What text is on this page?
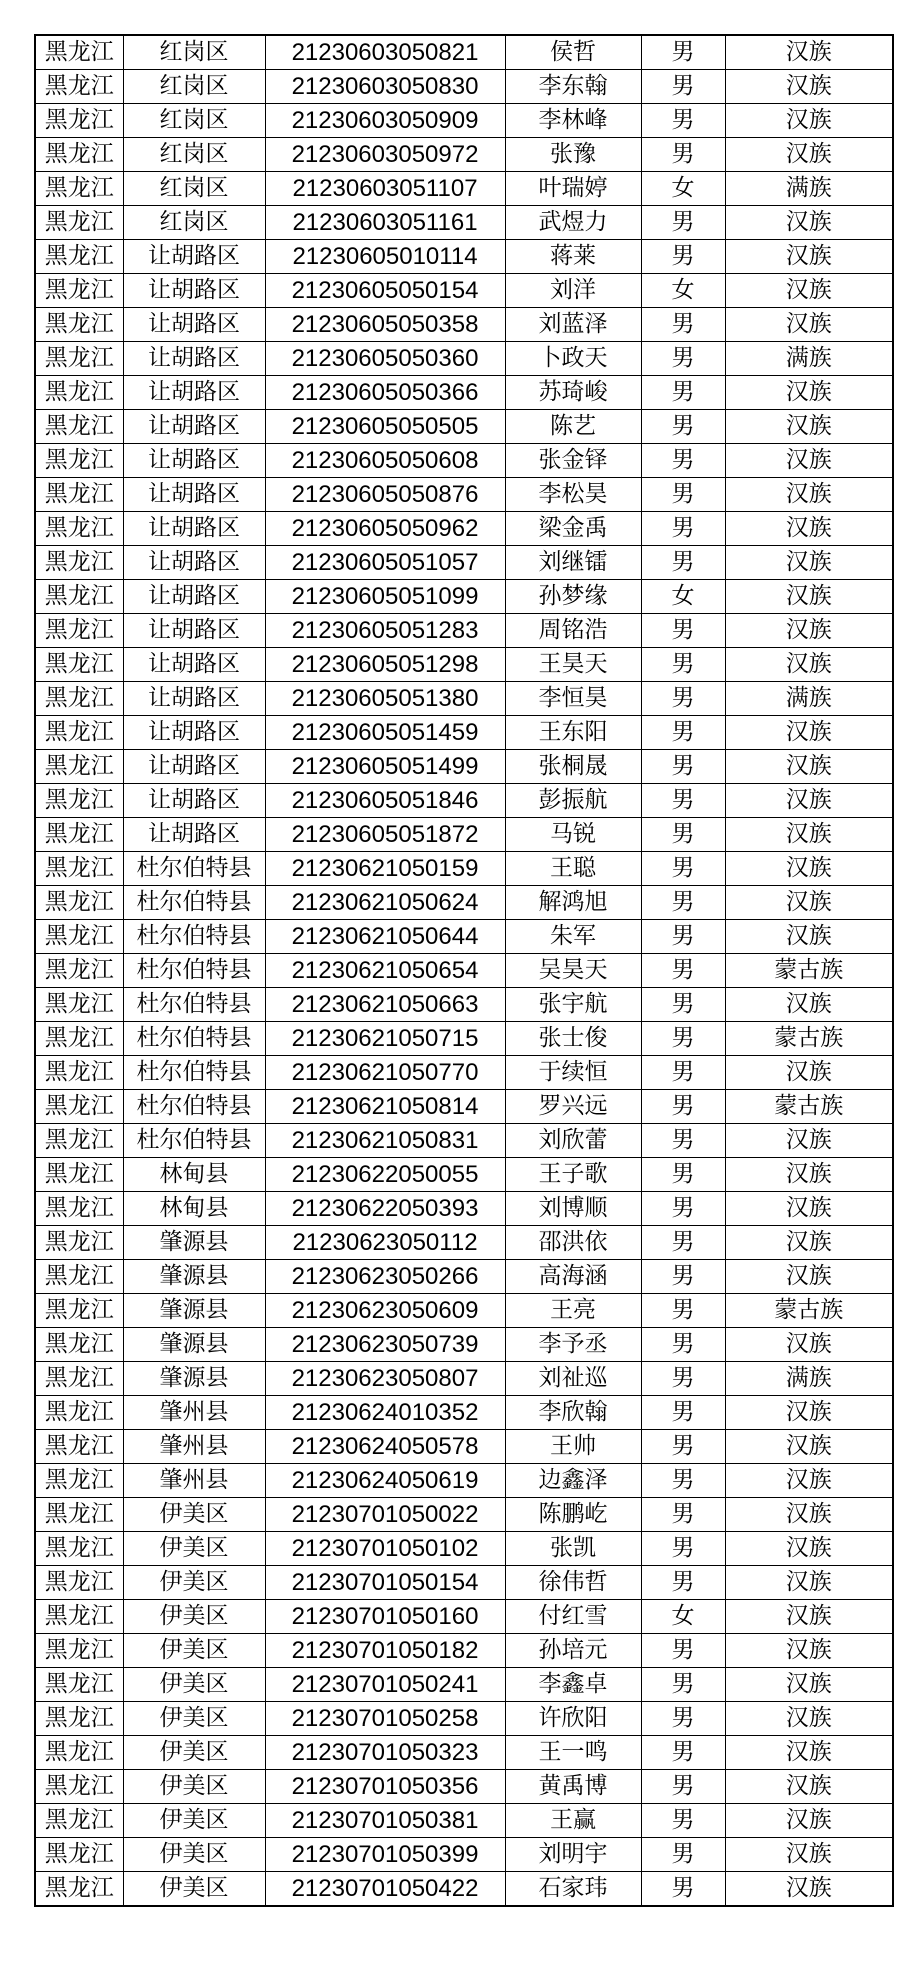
黑龙江	红岗区	21230603050821	侯哲	男	汉族
黑龙江	红岗区	21230603050830	李东翰	男	汉族
黑龙江	红岗区	21230603050909	李林峰	男	汉族
黑龙江	红岗区	21230603050972	张豫	男	汉族
黑龙江	红岗区	21230603051107	叶瑞婷	女	满族
黑龙江	红岗区	21230603051161	武煜力	男	汉族
黑龙江	让胡路区	21230605010114	蒋莱	男	汉族
黑龙江	让胡路区	21230605050154	刘洋	女	汉族
黑龙江	让胡路区	21230605050358	刘蓝泽	男	汉族
黑龙江	让胡路区	21230605050360	卜政天	男	满族
黑龙江	让胡路区	21230605050366	苏琦峻	男	汉族
黑龙江	让胡路区	21230605050505	陈艺	男	汉族
黑龙江	让胡路区	21230605050608	张金铎	男	汉族
黑龙江	让胡路区	21230605050876	李松昊	男	汉族
黑龙江	让胡路区	21230605050962	梁金禹	男	汉族
黑龙江	让胡路区	21230605051057	刘继镭	男	汉族
黑龙江	让胡路区	21230605051099	孙梦缘	女	汉族
黑龙江	让胡路区	21230605051283	周铭浩	男	汉族
黑龙江	让胡路区	21230605051298	王昊天	男	汉族
黑龙江	让胡路区	21230605051380	李恒昊	男	满族
黑龙江	让胡路区	21230605051459	王东阳	男	汉族
黑龙江	让胡路区	21230605051499	张桐晟	男	汉族
黑龙江	让胡路区	21230605051846	彭振航	男	汉族
黑龙江	让胡路区	21230605051872	马锐	男	汉族
黑龙江	杜尔伯特县	21230621050159	王聪	男	汉族
黑龙江	杜尔伯特县	21230621050624	解鸿旭	男	汉族
黑龙江	杜尔伯特县	21230621050644	朱军	男	汉族
黑龙江	杜尔伯特县	21230621050654	吴昊天	男	蒙古族
黑龙江	杜尔伯特县	21230621050663	张宇航	男	汉族
黑龙江	杜尔伯特县	21230621050715	张士俊	男	蒙古族
黑龙江	杜尔伯特县	21230621050770	于续恒	男	汉族
黑龙江	杜尔伯特县	21230621050814	罗兴远	男	蒙古族
黑龙江	杜尔伯特县	21230621050831	刘欣蕾	男	汉族
黑龙江	林甸县	21230622050055	王子歌	男	汉族
黑龙江	林甸县	21230622050393	刘博顺	男	汉族
黑龙江	肇源县	21230623050112	邵洪依	男	汉族
黑龙江	肇源县	21230623050266	高海涵	男	汉族
黑龙江	肇源县	21230623050609	王亮	男	蒙古族
黑龙江	肇源县	21230623050739	李予丞	男	汉族
黑龙江	肇源县	21230623050807	刘祉巡	男	满族
黑龙江	肇州县	21230624010352	李欣翰	男	汉族
黑龙江	肇州县	21230624050578	王帅	男	汉族
黑龙江	肇州县	21230624050619	边鑫泽	男	汉族
黑龙江	伊美区	21230701050022	陈鹏屹	男	汉族
黑龙江	伊美区	21230701050102	张凯	男	汉族
黑龙江	伊美区	21230701050154	徐伟哲	男	汉族
黑龙江	伊美区	21230701050160	付红雪	女	汉族
黑龙江	伊美区	21230701050182	孙培元	男	汉族
黑龙江	伊美区	21230701050241	李鑫卓	男	汉族
黑龙江	伊美区	21230701050258	许欣阳	男	汉族
黑龙江	伊美区	21230701050323	王一鸣	男	汉族
黑龙江	伊美区	21230701050356	黄禹博	男	汉族
黑龙江	伊美区	21230701050381	王赢	男	汉族
黑龙江	伊美区	21230701050399	刘明宇	男	汉族
黑龙江	伊美区	21230701050422	石家玮	男	汉族
